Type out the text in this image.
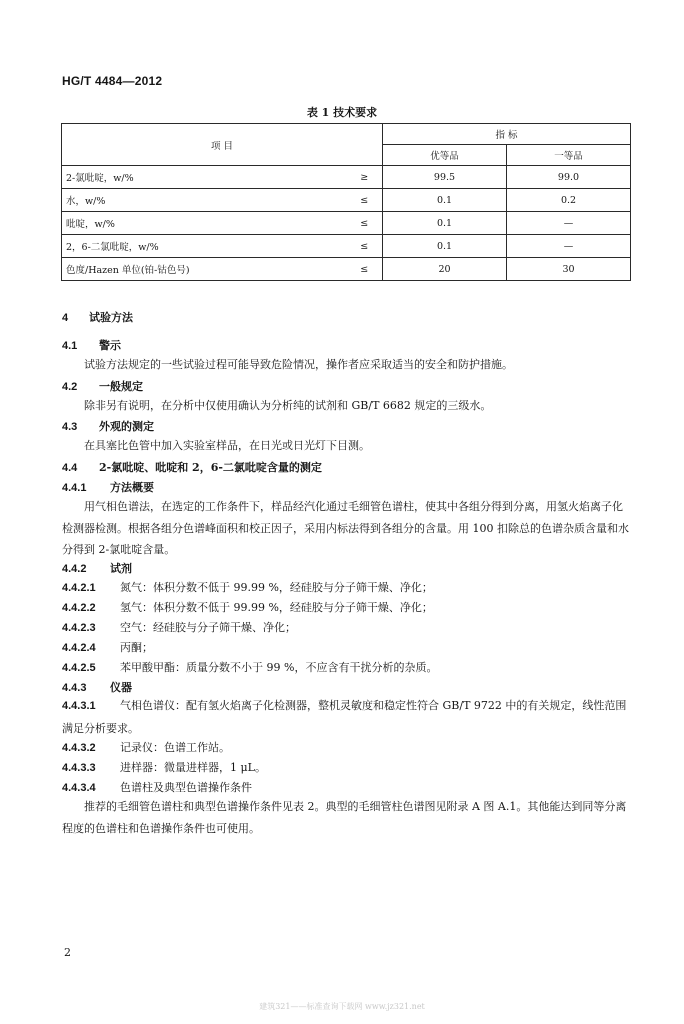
HG/T 4484—2012
表 1 技术要求
项 目		指 标	
		优等品	一等品
2-氯吡啶，w/%	≥	99.5	99.0
水，w/%	≤	0.1	0.2
吡啶，w/%	≤	0.1	—
2，6-二氯吡啶，w/%	≤	0.1	—
色度/Hazen 单位(铂-钴色号)	≤	20	30
4 试验方法
4.1 警示
试验方法规定的一些试验过程可能导致危险情况，操作者应采取适当的安全和防护措施。
4.2 一般规定
除非另有说明，在分析中仅使用确认为分析纯的试剂和 GB/T 6682 规定的三级水。
4.3 外观的测定
在具塞比色管中加入实验室样品，在日光或日光灯下目测。
4.4 2-氯吡啶、吡啶和 2，6-二氯吡啶含量的测定
4.4.1 方法概要
用气相色谱法，在选定的工作条件下，样品经汽化通过毛细管色谱柱，使其中各组分得到分离，用氢火焰离子化检测器检测。根据各组分色谱峰面积和校正因子，采用内标法得到各组分的含量。用 100 扣除总的色谱杂质含量和水分得到 2-氯吡啶含量。
4.4.2 试剂
4.4.2.1 氮气：体积分数不低于 99.99 %，经硅胶与分子筛干燥、净化；
4.4.2.2 氢气：体积分数不低于 99.99 %，经硅胶与分子筛干燥、净化；
4.4.2.3 空气：经硅胶与分子筛干燥、净化；
4.4.2.4 丙酮；
4.4.2.5 苯甲酸甲酯：质量分数不小于 99 %，不应含有干扰分析的杂质。
4.4.3 仪器
4.4.3.1 气相色谱仪：配有氢火焰离子化检测器，整机灵敏度和稳定性符合 GB/T 9722 中的有关规定，线性范围满足分析要求。
4.4.3.2 记录仪：色谱工作站。
4.4.3.3 进样器：微量进样器，1 μL。
4.4.3.4 色谱柱及典型色谱操作条件
推荐的毛细管色谱柱和典型色谱操作条件见表 2。典型的毛细管柱色谱图见附录 A 图 A.1。其他能达到同等分离程度的色谱柱和色谱操作条件也可使用。
2
建筑321——标准查询下载网 www.jz321.net
